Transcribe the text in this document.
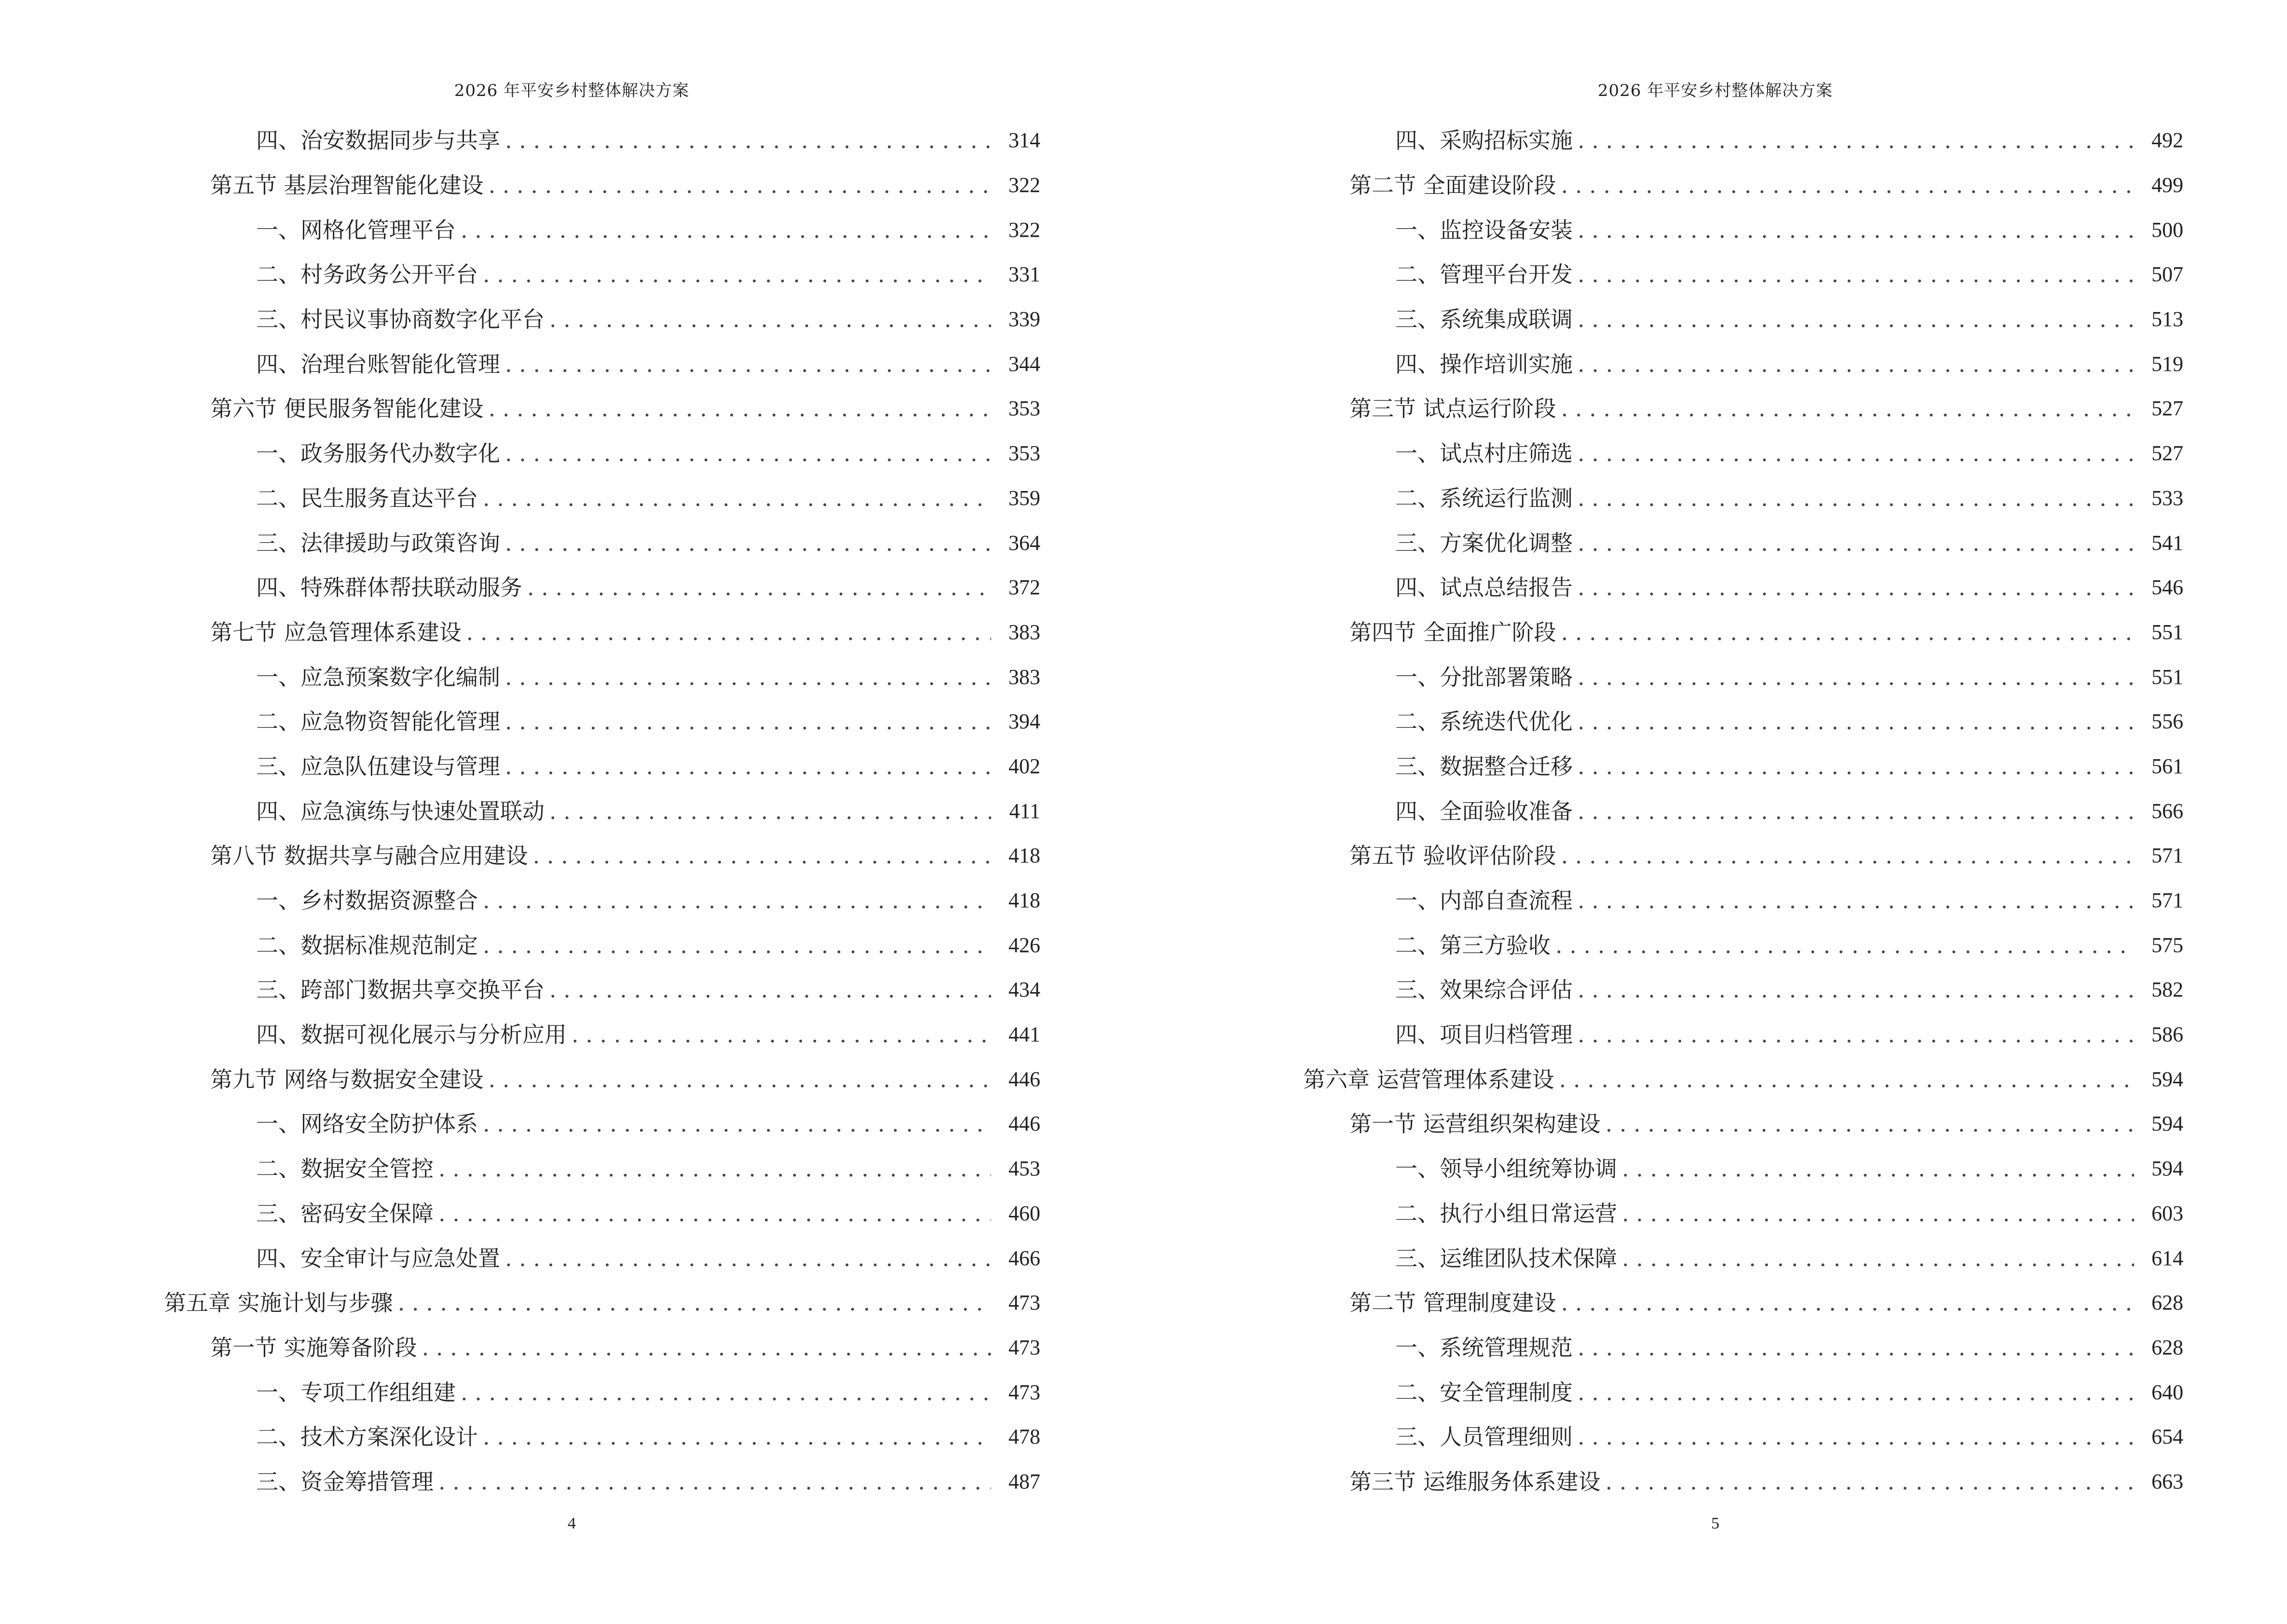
2026 年平安乡村整体解决方案
四、治安数据同步与共享 . . .	314
第五节 基层治理智能化建设 . . .	322
一、网格化管理平台 . . .	322
二、村务政务公开平台 . . .	331
三、村民议事协商数字化平台 . . .	339
四、治理台账智能化管理 . . .	344
第六节 便民服务智能化建设 . . .	353
一、政务服务代办数字化 . . .	353
二、民生服务直达平台 . . .	359
三、法律援助与政策咨询 . . .	364
四、特殊群体帮扶联动服务 . . .	372
第七节 应急管理体系建设 . . .	383
一、应急预案数字化编制 . . .	383
二、应急物资智能化管理 . . .	394
三、应急队伍建设与管理 . . .	402
四、应急演练与快速处置联动 . . .	411
第八节 数据共享与融合应用建设 . . .	418
一、乡村数据资源整合 . . .	418
二、数据标准规范制定 . . .	426
三、跨部门数据共享交换平台 . . .	434
四、数据可视化展示与分析应用 . . .	441
第九节 网络与数据安全建设 . . .	446
一、网络安全防护体系 . . .	446
二、数据安全管控 . . .	453
三、密码安全保障 . . .	460
四、安全审计与应急处置 . . .	466
第五章 实施计划与步骤 . . .	473
第一节 实施筹备阶段 . . .	473
一、专项工作组组建 . . .	473
二、技术方案深化设计 . . .	478
三、资金筹措管理 . . .	487
4
2026 年平安乡村整体解决方案
四、采购招标实施 . . .	492
第二节 全面建设阶段 . . .	499
一、监控设备安装 . . .	500
二、管理平台开发 . . .	507
三、系统集成联调 . . .	513
四、操作培训实施 . . .	519
第三节 试点运行阶段 . . .	527
一、试点村庄筛选 . . .	527
二、系统运行监测 . . .	533
三、方案优化调整 . . .	541
四、试点总结报告 . . .	546
第四节 全面推广阶段 . . .	551
一、分批部署策略 . . .	551
二、系统迭代优化 . . .	556
三、数据整合迁移 . . .	561
四、全面验收准备 . . .	566
第五节 验收评估阶段 . . .	571
一、内部自查流程 . . .	571
二、第三方验收 . . .	575
三、效果综合评估 . . .	582
四、项目归档管理 . . .	586
第六章 运营管理体系建设 . . .	594
第一节 运营组织架构建设 . . .	594
一、领导小组统筹协调 . . .	594
二、执行小组日常运营 . . .	603
三、运维团队技术保障 . . .	614
第二节 管理制度建设 . . .	628
一、系统管理规范 . . .	628
二、安全管理制度 . . .	640
三、人员管理细则 . . .	654
第三节 运维服务体系建设 . . .	663
5
